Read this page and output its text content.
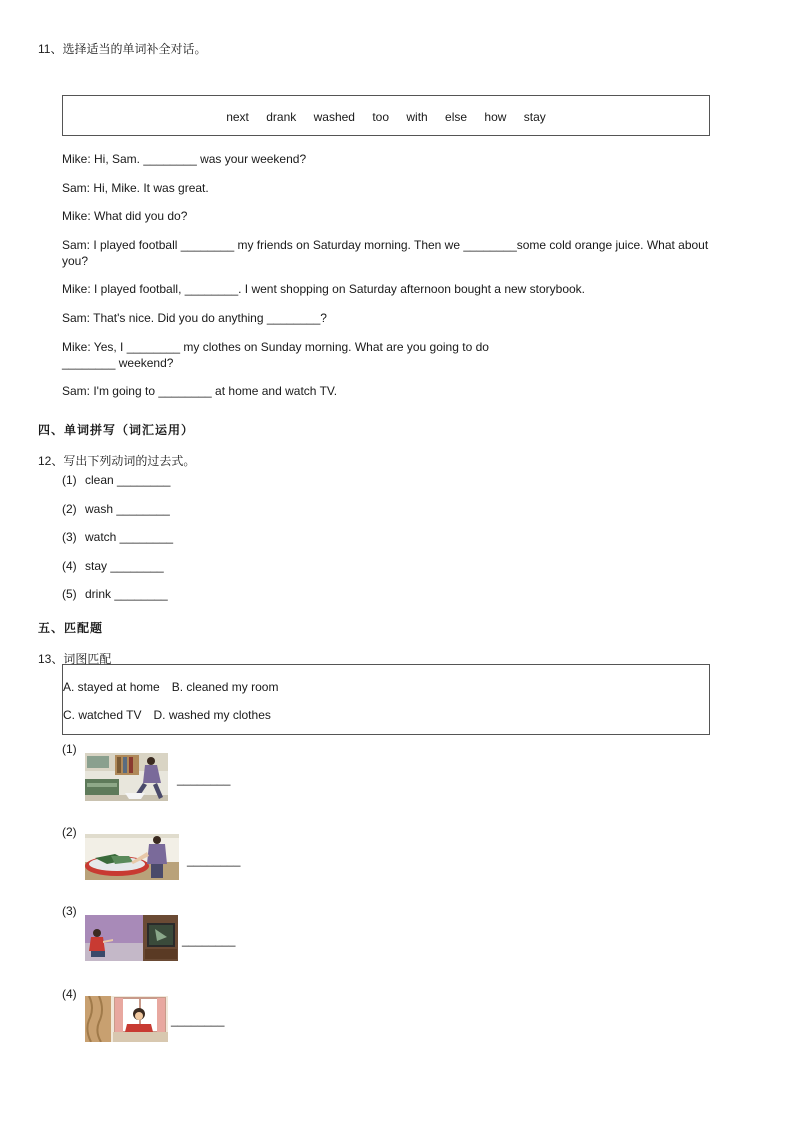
11、选择适当的单词补全对话。
next drank washed too with else how stay
Mike: Hi, Sam. ________ was your weekend?
Sam: Hi, Mike. It was great.
Mike: What did you do?
Sam: I played football ________ my friends on Saturday morning. Then we ________some cold orange juice. What about you?
Mike: I played football, ________. I went shopping on Saturday afternoon bought a new storybook.
Sam: That's nice. Did you do anything ________?
Mike: Yes, I ________ my clothes on Sunday morning. What are you going to do ________ weekend?
Sam: I'm going to ________ at home and watch TV.
四、单词拼写（词汇运用）
12、写出下列动词的过去式。
(1) clean ________
(2) wash ________
(3) watch ________
(4) stay ________
(5) drink ________
五、匹配题
13、词图匹配
A. stayed at home B. cleaned my room
C. watched TV D. washed my clothes
(1)
________
(2)
________
(3)
________
(4)
________
